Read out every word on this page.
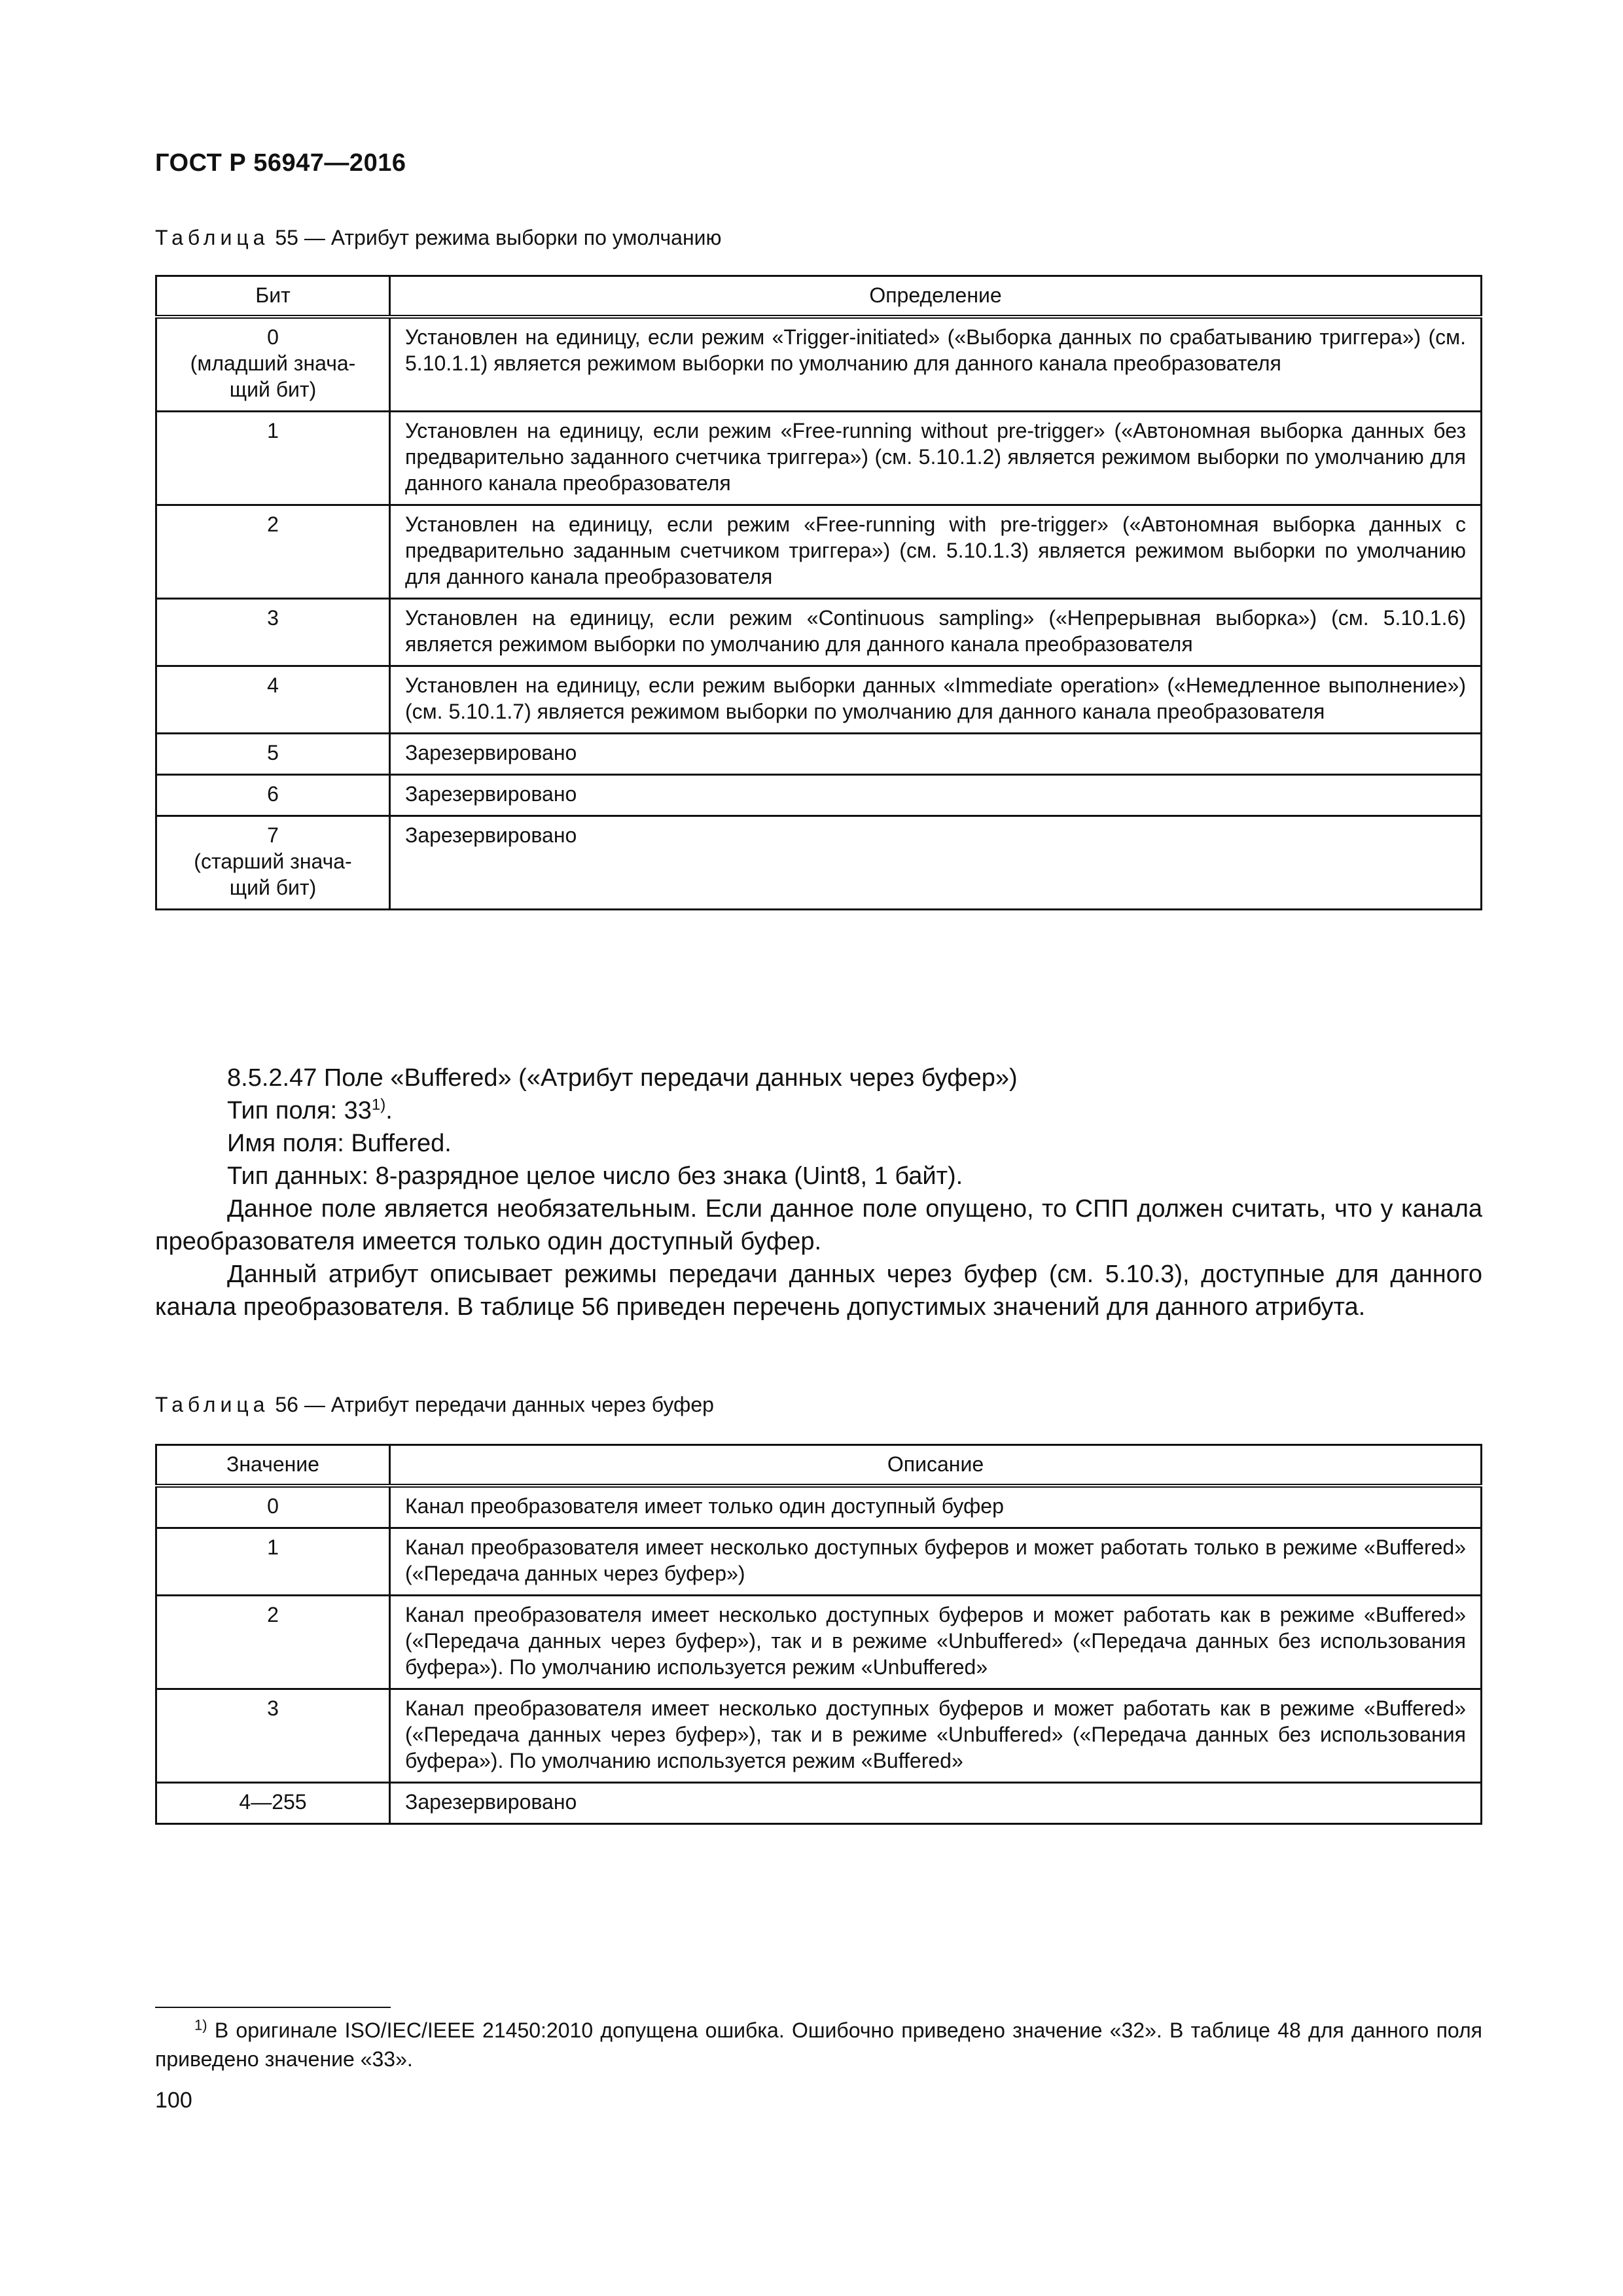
ГОСТ Р 56947—2016
Таблица 55 — Атрибут режима выборки по умолчанию
Бит	Определение
0
(младший знача-
щий бит)	Установлен на единицу, если режим «Trigger-initiated» («Выборка данных по срабатыванию триггера») (см. 5.10.1.1) является режимом выборки по умолчанию для данного канала преобразователя
1	Установлен на единицу, если режим «Free-running without pre-trigger» («Автономная выборка данных без предварительно заданного счетчика триггера») (см. 5.10.1.2) является режимом выборки по умолчанию для данного канала преобразователя
2	Установлен на единицу, если режим «Free-running with pre-trigger» («Автономная выборка данных с предварительно заданным счетчиком триггера») (см. 5.10.1.3) является режимом выборки по умолчанию для данного канала преобразователя
3	Установлен на единицу, если режим «Continuous sampling» («Непрерывная выборка») (см. 5.10.1.6) является режимом выборки по умолчанию для данного канала преобразователя
4	Установлен на единицу, если режим выборки данных «Immediate operation» («Немедленное выполнение») (см. 5.10.1.7) является режимом выборки по умолчанию для данного канала преобразователя
5	Зарезервировано
6	Зарезервировано
7
(старший знача-
щий бит)	Зарезервировано

8.5.2.47 Поле «Buffered» («Атрибут передачи данных через буфер»)

Тип поля: 33$^{1)}$.

Имя поля: Buffered.

Тип данных: 8-разрядное целое число без знака (Uint8, 1 байт).

Данное поле является необязательным. Если данное поле опущено, то СПП должен считать, что у канала преобразователя имеется только один доступный буфер.

Данный атрибут описывает режимы передачи данных через буфер (см. 5.10.3), доступные для данного канала преобразователя. В таблице 56 приведен перечень допустимых значений для данного атрибута.

Таблица 56 — Атрибут передачи данных через буфер
Значение	Описание
0	Канал преобразователя имеет только один доступный буфер
1	Канал преобразователя имеет несколько доступных буферов и может работать только в режиме «Buffered» («Передача данных через буфер»)
2	Канал преобразователя имеет несколько доступных буферов и может работать как в режиме «Buffered» («Передача данных через буфер»), так и в режиме «Unbuffered» («Передача данных без использования буфера»). По умолчанию используется режим «Unbuffered»
3	Канал преобразователя имеет несколько доступных буферов и может работать как в режиме «Buffered» («Передача данных через буфер»), так и в режиме «Unbuffered» («Передача данных без использования буфера»). По умолчанию используется режим «Buffered»
4—255	Зарезервировано
$^{1)}$ В оригинале ISO/IEC/IEEE 21450:2010 допущена ошибка. Ошибочно приведено значение «32». В таблице 48 для данного поля приведено значение «33».
100
